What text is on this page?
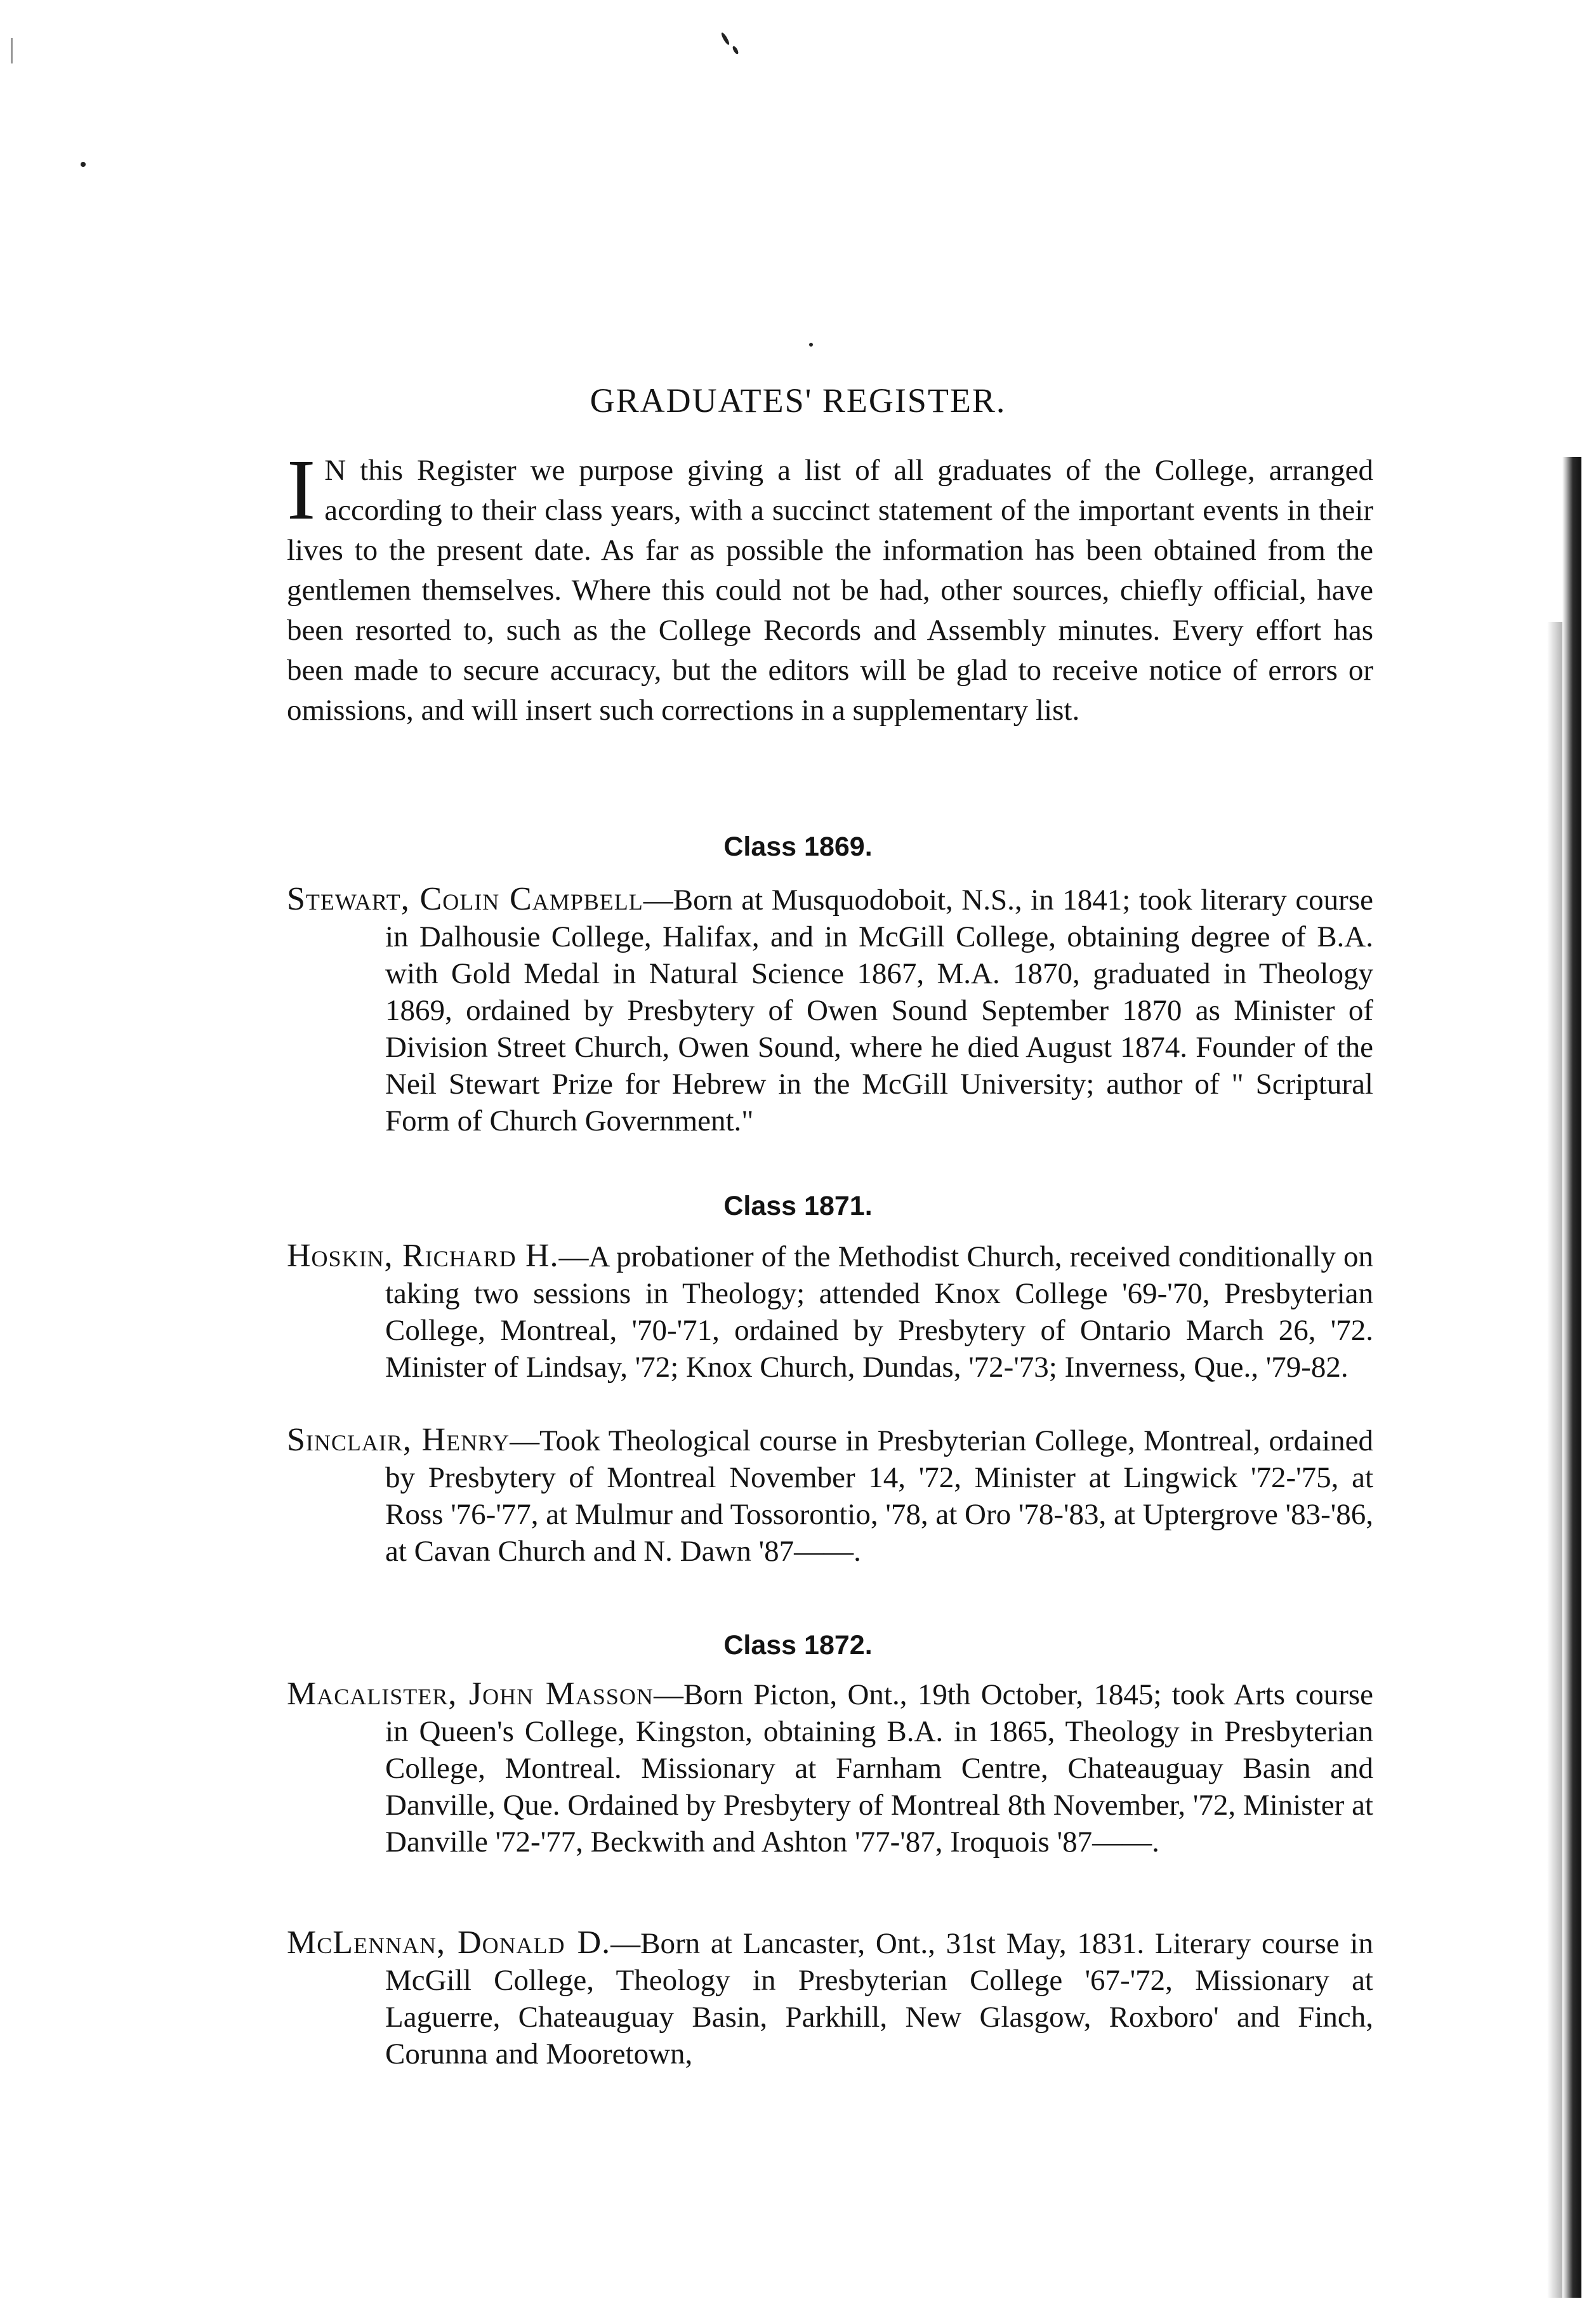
GRADUATES' REGISTER.
I N this Register we purpose giving a list of all graduates of the College, arranged according to their class years, with a succinct statement of the important events in their lives to the present date. As far as possible the information has been obtained from the gentlemen themselves. Where this could not be had, other sources, chiefly official, have been resorted to, such as the College Records and Assembly minutes. Every effort has been made to secure accuracy, but the editors will be glad to receive notice of errors or omissions, and will insert such corrections in a supplementary list.
Class 1869.
Stewart, Colin Campbell—Born at Musquodoboit, N.S., in 1841; took literary course in Dalhousie College, Halifax, and in McGill College, obtaining degree of B.A. with Gold Medal in Natural Science 1867, M.A. 1870, graduated in Theology 1869, ordained by Presbytery of Owen Sound September 1870 as Minister of Division Street Church, Owen Sound, where he died August 1874. Founder of the Neil Stewart Prize for Hebrew in the McGill University; author of " Scriptural Form of Church Government."
Class 1871.
Hoskin, Richard H.—A probationer of the Methodist Church, received conditionally on taking two sessions in Theology; attended Knox College '69-'70, Presbyterian College, Montreal, '70-'71, ordained by Presbytery of Ontario March 26, '72. Minister of Lindsay, '72; Knox Church, Dundas, '72-'73; Inverness, Que., '79-82.
Sinclair, Henry—Took Theological course in Presbyterian College, Montreal, ordained by Presbytery of Montreal November 14, '72, Minister at Lingwick '72-'75, at Ross '76-'77, at Mulmur and Tossorontio, '78, at Oro '78-'83, at Uptergrove '83-'86, at Cavan Church and N. Dawn '87——.
Class 1872.
Macalister, John Masson—Born Picton, Ont., 19th October, 1845; took Arts course in Queen's College, Kingston, obtaining B.A. in 1865, Theology in Presbyterian College, Montreal. Missionary at Farnham Centre, Chateauguay Basin and Danville, Que. Ordained by Presbytery of Montreal 8th November, '72, Minister at Danville '72-'77, Beckwith and Ashton '77-'87, Iroquois '87——.
McLennan, Donald D.—Born at Lancaster, Ont., 31st May, 1831. Literary course in McGill College, Theology in Presbyterian College '67-'72, Missionary at Laguerre, Chateauguay Basin, Parkhill, New Glasgow, Roxboro' and Finch, Corunna and Mooretown,
